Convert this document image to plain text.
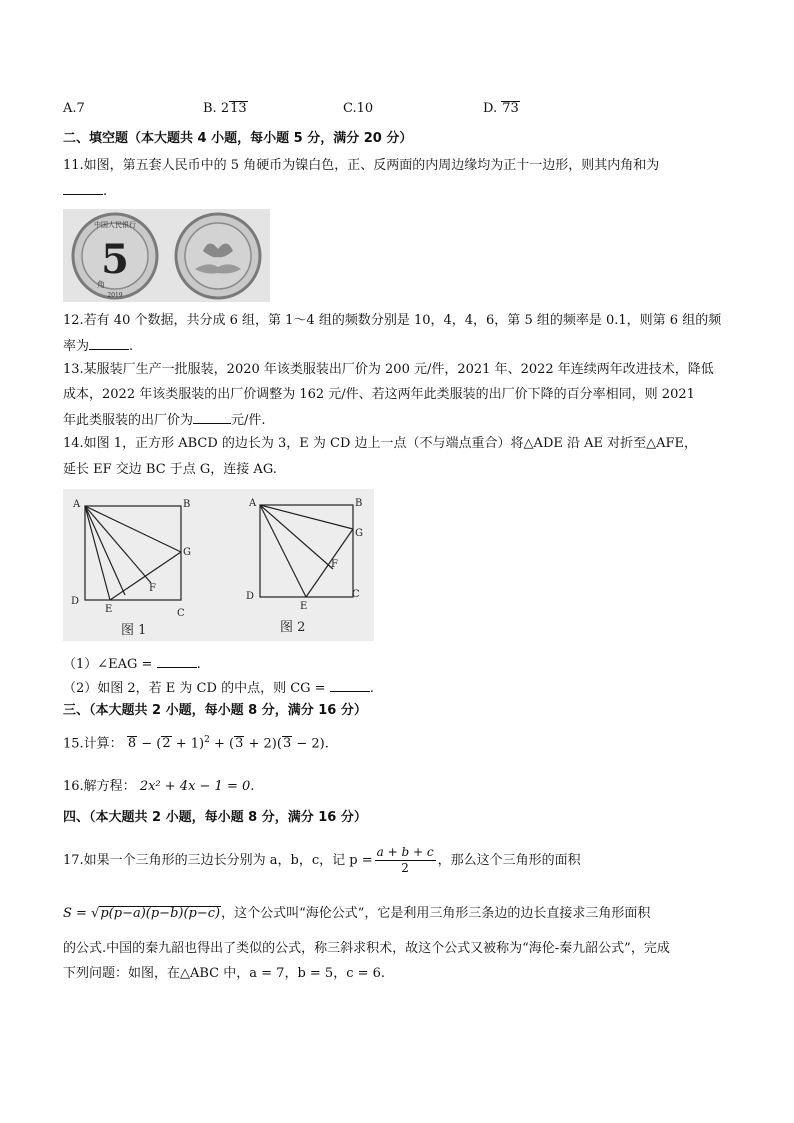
A.7	B. 213	C.10	D. 73
二、填空题（本大题共 4 小题，每小题 5 分，满分 20 分）
11.如图，第五套人民币中的 5 角硬币为镍白色，正、反两面的内周边缘均为正十一边形，则其内角和为
.
中国人民银行
5
角
2019
12.若有 40 个数据，共分成 6 组，第 1～4 组的频数分别是 10，4，4，6，第 5 组的频率是 0.1，则第 6 组的频
率为	.
13.某服装厂生产一批服装，2020 年该类服装出厂价为 200 元/件，2021 年、2022 年连续两年改进技术，降低
成本，2022 年该类服装的出厂价调整为 162 元/件、若这两年此类服装的出厂价下降的百分率相同，则 2021
年此类服装的出厂价为	元/件.
14.如图 1，正方形 ABCD 的边长为 3，E 为 CD 边上一点（不与端点重合）将△ADE 沿 AE 对折至△AFE，
延长 EF 交边 BC 于点 G，连接 AG.
A	B
C
D
E
F
G
图 1
A	B
C
D
E
F
G
图 2
（1）∠EAG =	.
（2）如图 2，若 E 为 CD 的中点，则 CG =	.
三、（本大题共 2 小题，每小题 8 分，满分 16 分）
15.计算： $8 - (2 + 1)^2 + (3 + 2)(3 - 2)$.
16.解方程： 2x² + 4x − 1 = 0.
四、（本大题共 2 小题，每小题 8 分，满分 16 分）
17.如果一个三角形的三边长分别为 a，b，c，记 $p = \frac{a + b + c}{2}$ ，那么这个三角形的面积
S = √p(p−a)(p−b)(p−c)，这个公式叫“海伦公式”，它是利用三角形三条边的边长直接求三角形面积
的公式.中国的秦九韶也得出了类似的公式，称三斜求积术，故这个公式又被称为“海伦-秦九韶公式”，完成
下列问题：如图，在△ABC 中，a = 7，b = 5，c = 6.
